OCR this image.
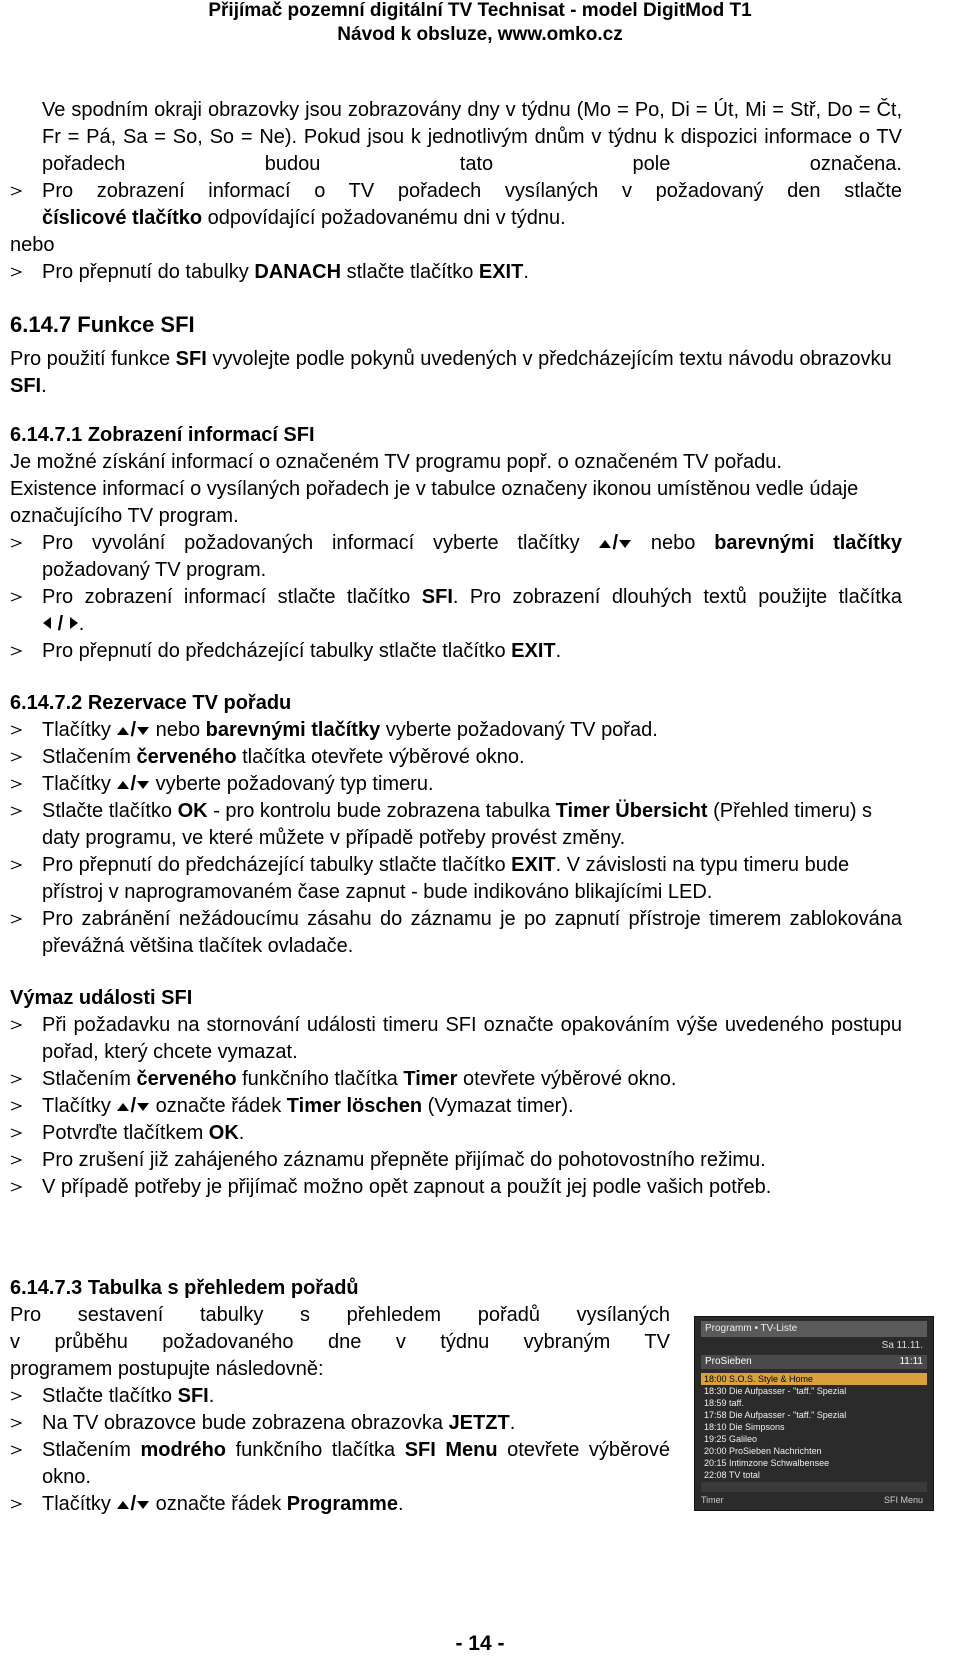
Přijímač pozemní digitální TV Technisat - model DigitMod T1
Návod k obsluze, www.omko.cz
Ve spodním okraji obrazovky jsou zobrazovány dny v týdnu (Mo = Po, Di = Út, Mi = Stř, Do = Čt, Fr = Pá, Sa = So, So = Ne). Pokud jsou k jednotlivým dnům v týdnu k dispozici informace o TV pořadech budou tato pole označena.
Pro zobrazení informací o TV pořadech vysílaných v požadovaný den stlačte
číslicové tlačítko odpovídající požadovanému dni v týdnu.
nebo
Pro přepnutí do tabulky DANACH stlačte tlačítko EXIT.
6.14.7 Funkce SFI
Pro použití funkce SFI vyvolejte podle pokynů uvedených v předcházejícím textu návodu obrazovku SFI.
6.14.7.1 Zobrazení informací SFI
Je možné získání informací o označeném TV programu popř. o označeném TV pořadu.
Existence informací o vysílaných pořadech je v tabulce označeny ikonou umístěnou vedle údaje označujícího TV program.
Pro vyvolání požadovaných informací vyberte tlačítky / nebo barevnými tlačítky
požadovaný TV program.
Pro zobrazení informací stlačte tlačítko SFI. Pro zobrazení dlouhých textů použijte tlačítka
/ .
Pro přepnutí do předcházející tabulky stlačte tlačítko EXIT.
6.14.7.2 Rezervace TV pořadu
Tlačítky / nebo barevnými tlačítky vyberte požadovaný TV pořad.
Stlačením červeného tlačítka otevřete výběrové okno.
Tlačítky / vyberte požadovaný typ timeru.
Stlačte tlačítko OK - pro kontrolu bude zobrazena tabulka Timer Übersicht (Přehled timeru) s daty programu, ve které můžete v případě potřeby provést změny.
Pro přepnutí do předcházející tabulky stlačte tlačítko EXIT. V závislosti na typu timeru bude přístroj v naprogramovaném čase zapnut - bude indikováno blikajícími LED.
Pro zabránění nežádoucímu zásahu do záznamu je po zapnutí přístroje timerem zablokována převážná většina tlačítek ovladače.
Výmaz události SFI
Při požadavku na stornování události timeru SFI označte opakováním výše uvedeného postupu pořad, který chcete vymazat.
Stlačením červeného funkčního tlačítka Timer otevřete výběrové okno.
Tlačítky / označte řádek Timer löschen (Vymazat timer).
Potvrďte tlačítkem OK.
Pro zrušení již zahájeného záznamu přepněte přijímač do pohotovostního režimu.
V případě potřeby je přijímač možno opět zapnout a použít jej podle vašich potřeb.
6.14.7.3 Tabulka s přehledem pořadů
Pro sestavení tabulky s přehledem pořadů vysílaných
v průběhu požadovaného dne v týdnu vybraným TV
programem postupujte následovně:
Stlačte tlačítko SFI.
Na TV obrazovce bude zobrazena obrazovka JETZT.
Stlačením modrého funkčního tlačítka SFI Menu otevřete výběrové okno.
Tlačítky / označte řádek Programme.
Programm • TV-Liste
Sa 11.11.
ProSieben	11:11
18:00 S.O.S. Style & Home
18:30 Die Aufpasser - "taff." Spezial
18:59 taff.
17:58 Die Aufpasser - "taff." Spezial
18:10 Die Simpsons
19:25 Galileo
20:00 ProSieben Nachrichten
20:15 Intimzone Schwalbensee
22:08 TV total
Timer	SFI Menu
- 14 -
